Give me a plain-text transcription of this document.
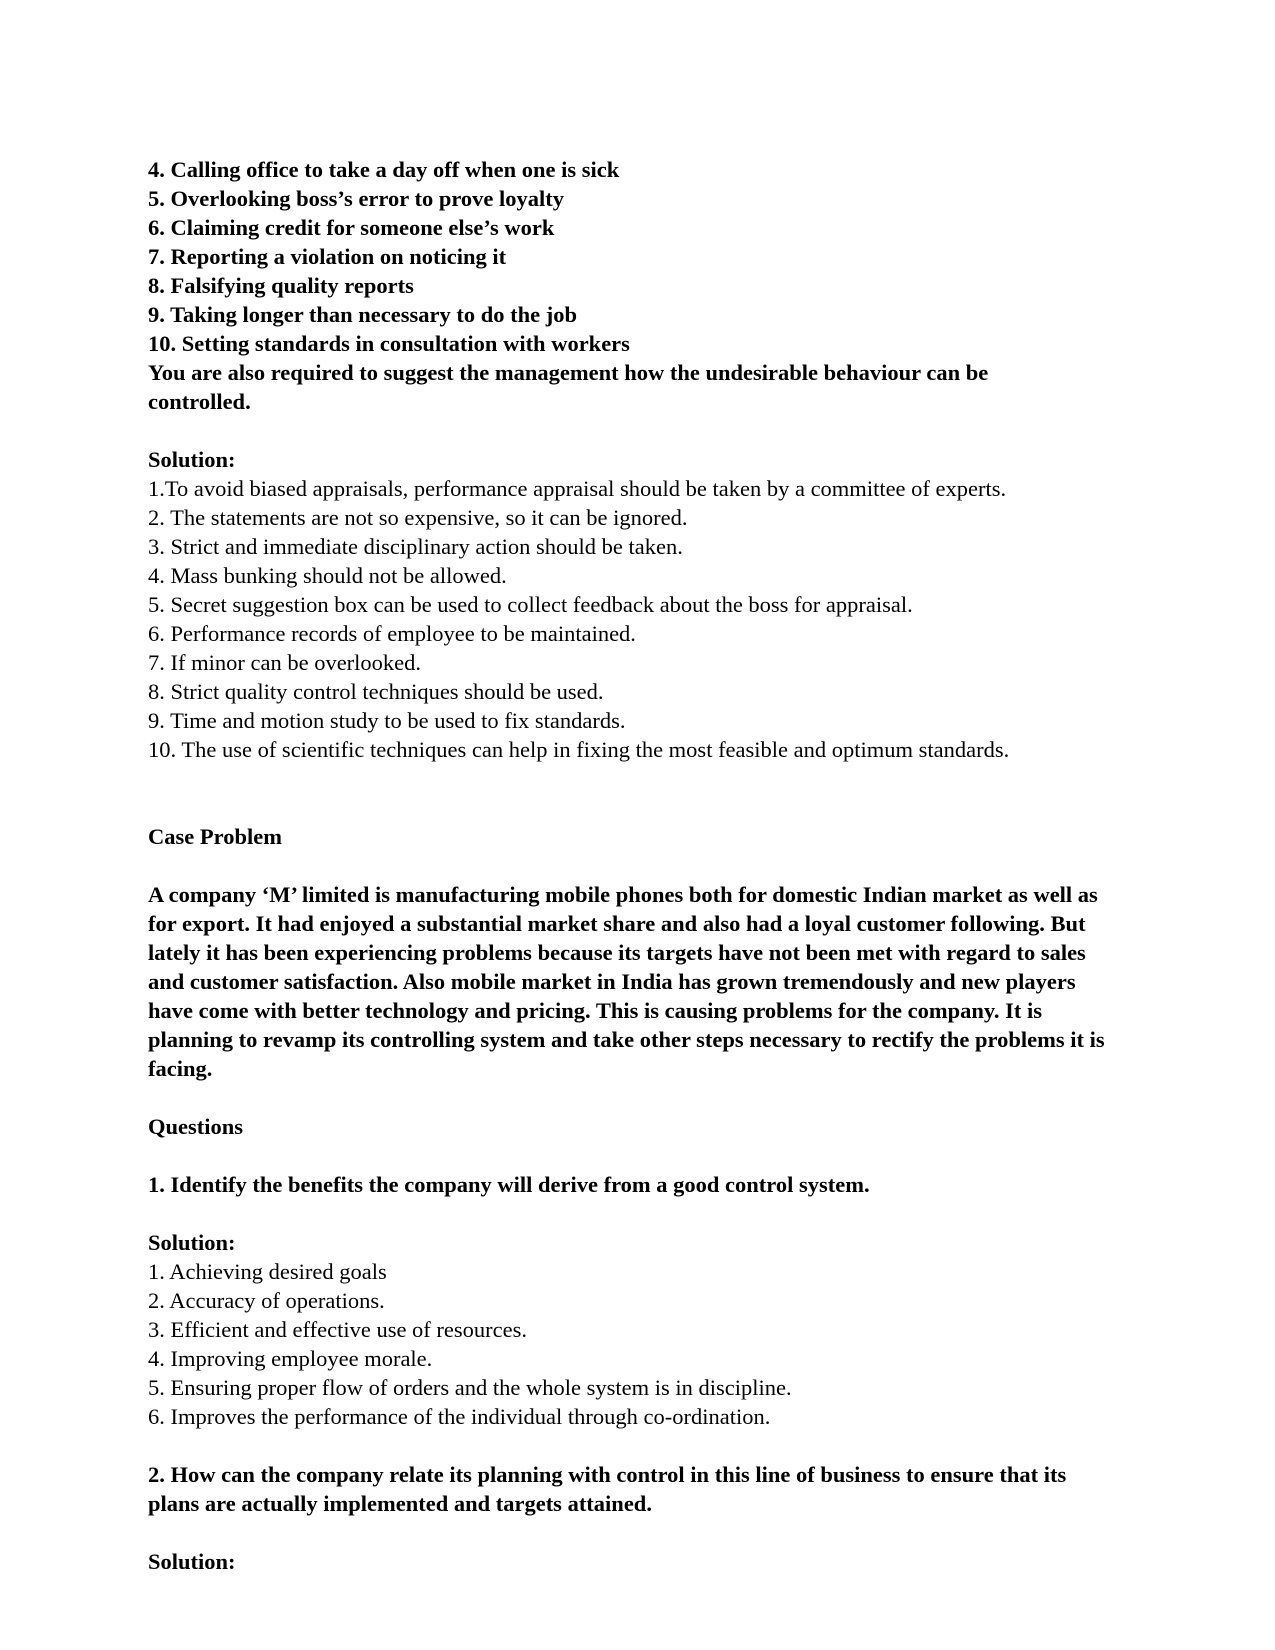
4. Calling office to take a day off when one is sick
5. Overlooking boss’s error to prove loyalty
6. Claiming credit for someone else’s work
7. Reporting a violation on noticing it
8. Falsifying quality reports
9. Taking longer than necessary to do the job
10. Setting standards in consultation with workers
You are also required to suggest the management how the undesirable behaviour can be controlled.
Solution:
1.To avoid biased appraisals, performance appraisal should be taken by a committee of experts.
2. The statements are not so expensive, so it can be ignored.
3. Strict and immediate disciplinary action should be taken.
4. Mass bunking should not be allowed.
5. Secret suggestion box can be used to collect feedback about the boss for appraisal.
6. Performance records of employee to be maintained.
7. If minor can be overlooked.
8. Strict quality control techniques should be used.
9. Time and motion study to be used to fix standards.
10. The use of scientific techniques can help in fixing the most feasible and optimum standards.
Case Problem
A company ‘M’ limited is manufacturing mobile phones both for domestic Indian market as well as for export. It had enjoyed a substantial market share and also had a loyal customer following. But lately it has been experiencing problems because its targets have not been met with regard to sales and customer satisfaction. Also mobile market in India has grown tremendously and new players have come with better technology and pricing. This is causing problems for the company. It is planning to revamp its controlling system and take other steps necessary to rectify the problems it is facing.
Questions
1. Identify the benefits the company will derive from a good control system.
Solution:
1. Achieving desired goals
2. Accuracy of operations.
3. Efficient and effective use of resources.
4. Improving employee morale.
5. Ensuring proper flow of orders and the whole system is in discipline.
6. Improves the performance of the individual through co-ordination.
2. How can the company relate its planning with control in this line of business to ensure that its plans are actually implemented and targets attained.
Solution:
